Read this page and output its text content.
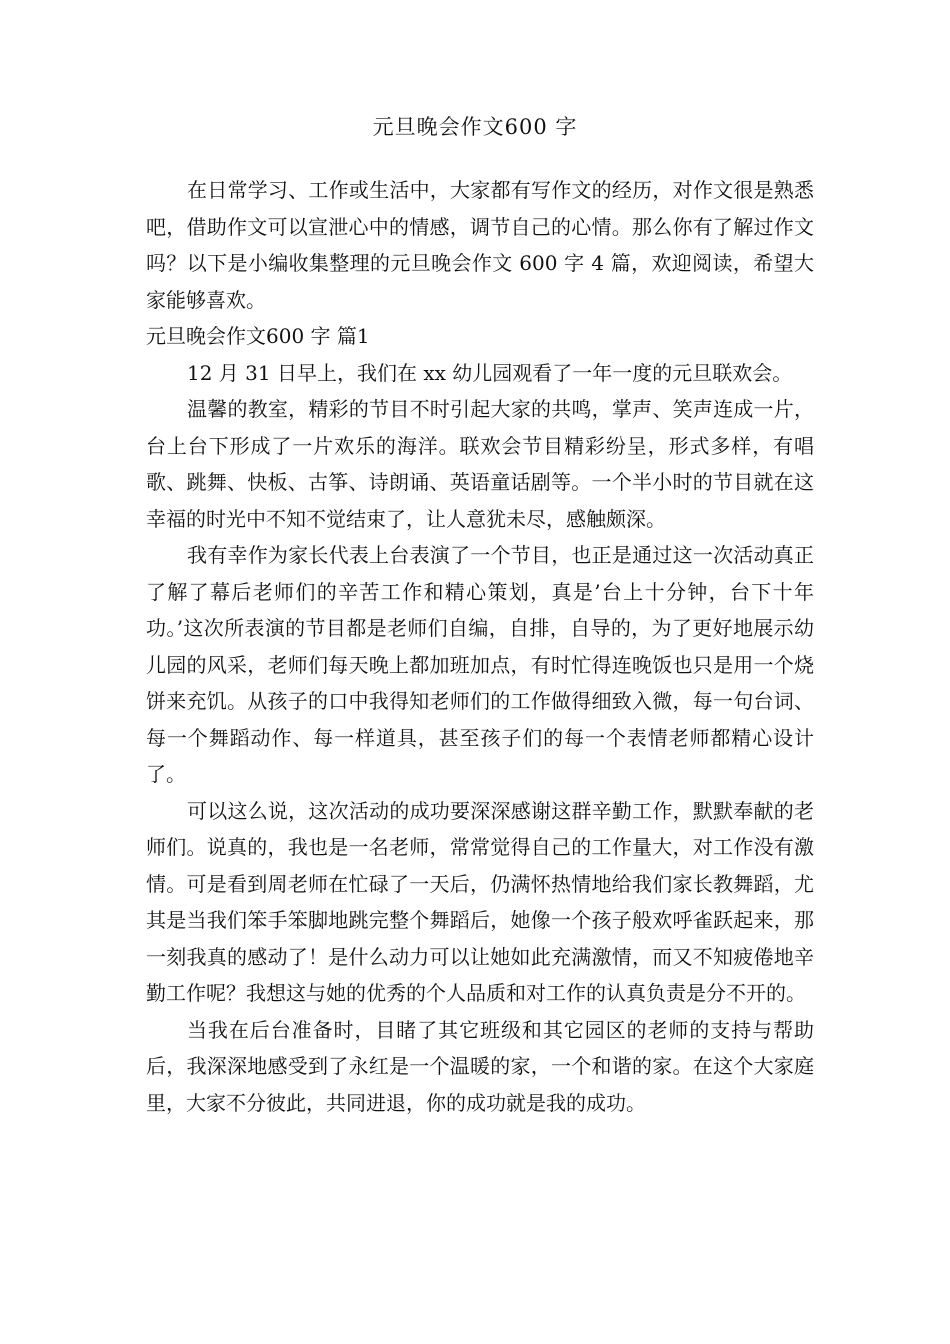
元旦晚会作文600 字

在日常学习、工作或生活中，大家都有写作文的经历，对作文很是熟悉吧，借助作文可以宣泄心中的情感，调节自己的心情。那么你有了解过作文吗？以下是小编收集整理的元旦晚会作文 600 字 4 篇，欢迎阅读，希望大家能够喜欢。

元旦晚会作文600 字 篇1

12 月 31 日早上，我们在 xx 幼儿园观看了一年一度的元旦联欢会。

温馨的教室，精彩的节目不时引起大家的共鸣，掌声、笑声连成一片，台上台下形成了一片欢乐的海洋。联欢会节目精彩纷呈，形式多样，有唱歌、跳舞、快板、古筝、诗朗诵、英语童话剧等。一个半小时的节目就在这幸福的时光中不知不觉结束了，让人意犹未尽，感触颇深。

我有幸作为家长代表上台表演了一个节目，也正是通过这一次活动真正了解了幕后老师们的辛苦工作和精心策划，真是’台上十分钟，台下十年功。’这次所表演的节目都是老师们自编，自排，自导的，为了更好地展示幼儿园的风采，老师们每天晚上都加班加点，有时忙得连晚饭也只是用一个烧饼来充饥。从孩子的口中我得知老师们的工作做得细致入微，每一句台词、每一个舞蹈动作、每一样道具，甚至孩子们的每一个表情老师都精心设计了。

可以这么说，这次活动的成功要深深感谢这群辛勤工作，默默奉献的老师们。说真的，我也是一名老师，常常觉得自己的工作量大，对工作没有激情。可是看到周老师在忙碌了一天后，仍满怀热情地给我们家长教舞蹈，尤其是当我们笨手笨脚地跳完整个舞蹈后，她像一个孩子般欢呼雀跃起来，那一刻我真的感动了！是什么动力可以让她如此充满激情，而又不知疲倦地辛勤工作呢？我想这与她的优秀的个人品质和对工作的认真负责是分不开的。

当我在后台准备时，目睹了其它班级和其它园区的老师的支持与帮助后，我深深地感受到了永红是一个温暖的家，一个和谐的家。在这个大家庭里，大家不分彼此，共同进退，你的成功就是我的成功。
